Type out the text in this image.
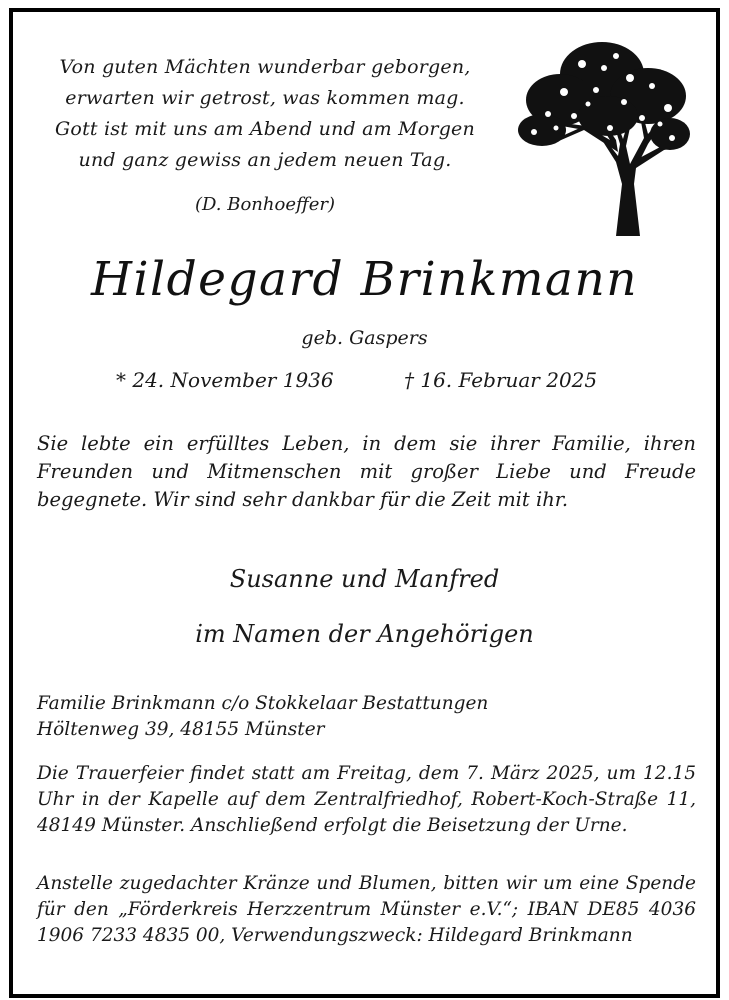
Von guten Mächten wunderbar geborgen,
erwarten wir getrost, was kommen mag.
Gott ist mit uns am Abend und am Morgen
und ganz gewiss an jedem neuen Tag.
(D. Bonhoeffer)
Hildegard Brinkmann
geb. Gaspers
* 24. November 1936	† 16. Februar 2025
Sie lebte ein erfülltes Leben, in dem sie ihrer Familie, ihren Freunden und Mitmenschen mit großer Liebe und Freude begegnete. Wir sind sehr dankbar für die Zeit mit ihr.
Susanne und Manfred
im Namen der Angehörigen
Familie Brinkmann c/o Stokkelaar Bestattungen
Höltenweg 39, 48155 Münster
Die Trauerfeier findet statt am Freitag, dem 7. März 2025, um 12.15 Uhr in der Kapelle auf dem Zentralfriedhof, Robert-Koch-Straße 11, 48149 Münster. Anschließend erfolgt die Beisetzung der Urne.
Anstelle zugedachter Kränze und Blumen, bitten wir um eine Spende für den „Förderkreis Herzzentrum Münster e.V.“; IBAN DE85 4036 1906 7233 4835 00, Verwendungszweck: Hildegard Brinkmann
